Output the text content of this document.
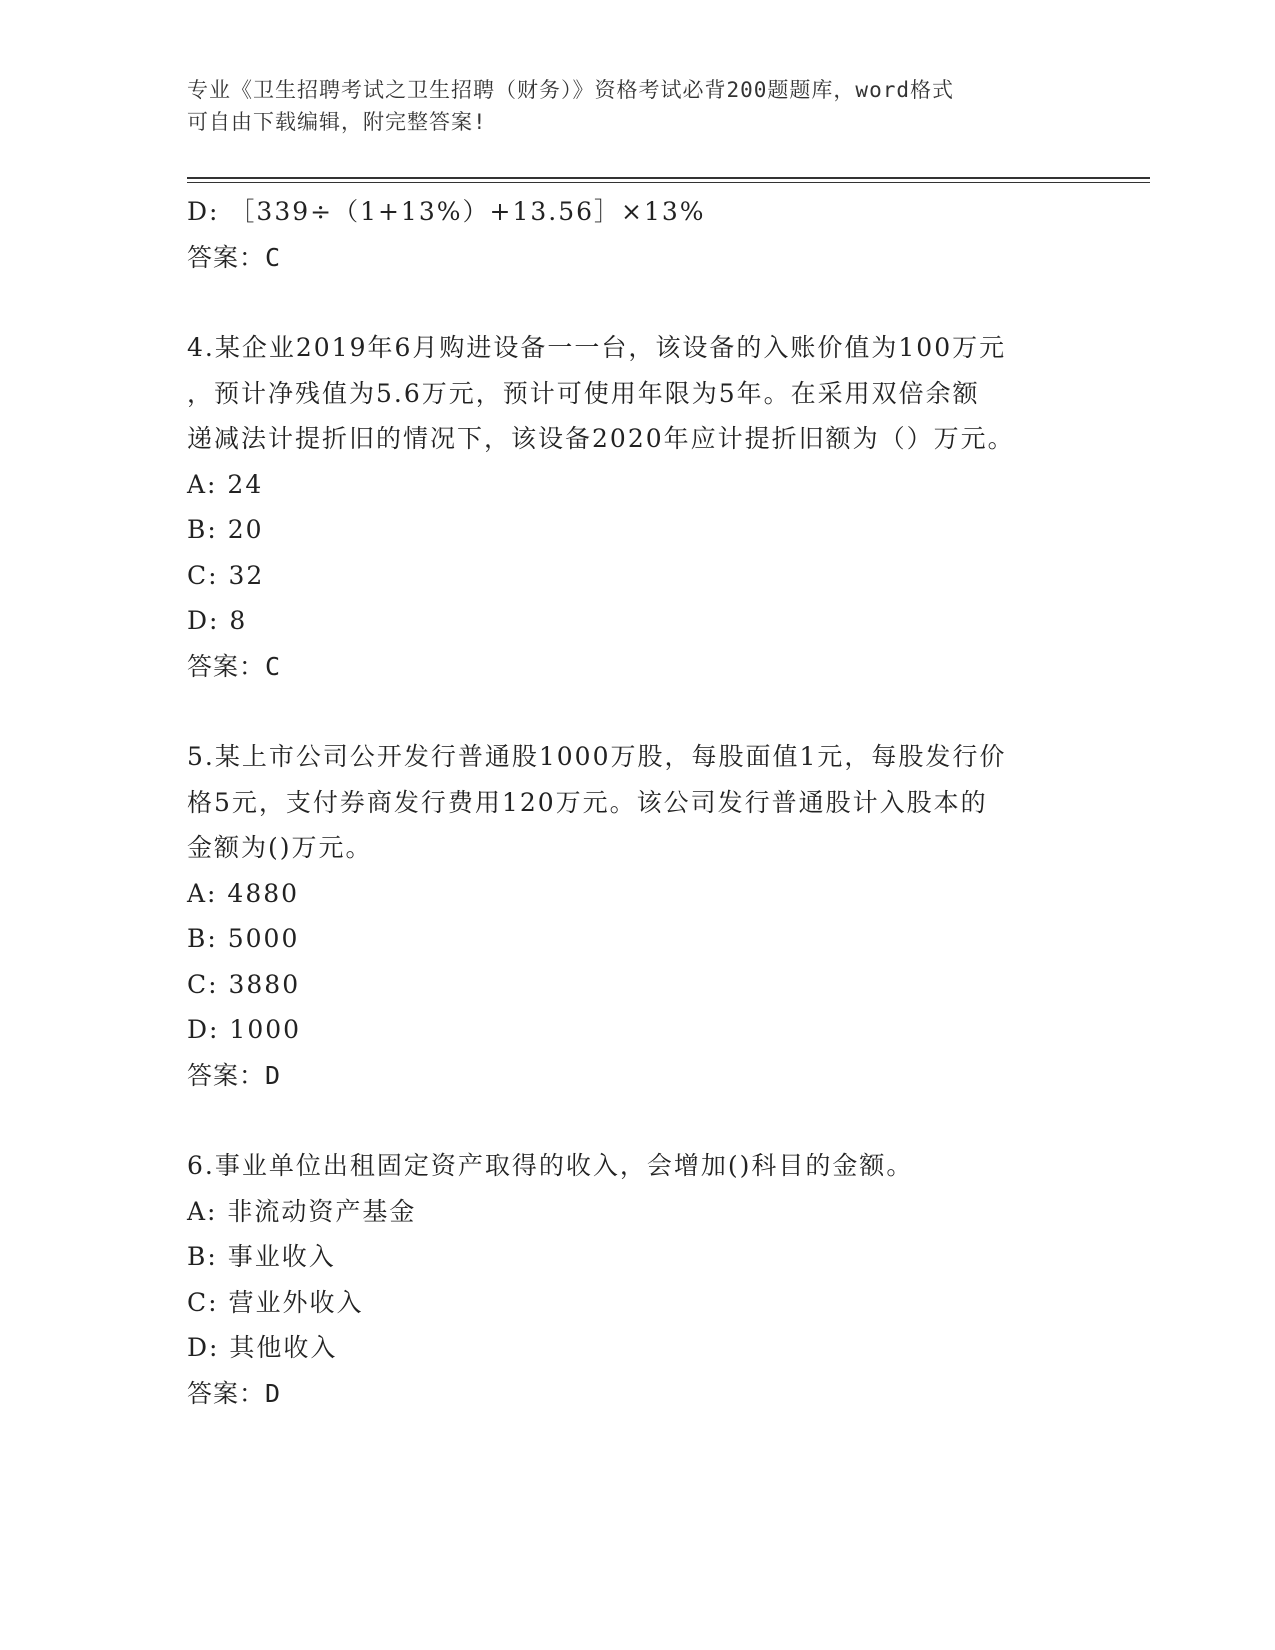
专业《卫生招聘考试之卫生招聘（财务）》资格考试必背200题题库，word格式
可自由下载编辑，附完整答案!
D: ［339÷（1+13%）+13.56］×13%
答案：C
4.某企业2019年6月购进设备一一台，该设备的入账价值为100万元
，预计净残值为5.6万元，预计可使用年限为5年。在采用双倍余额
递减法计提折旧的情况下，该设备2020年应计提折旧额为（）万元。
A: 24
B: 20
C: 32
D: 8
答案：C
5.某上市公司公开发行普通股1000万股，每股面值1元，每股发行价
格5元，支付券商发行费用120万元。该公司发行普通股计入股本的
金额为()万元。
A: 4880
B: 5000
C: 3880
D: 1000
答案：D
6.事业单位出租固定资产取得的收入，会增加()科目的金额。
A: 非流动资产基金
B: 事业收入
C: 营业外收入
D: 其他收入
答案：D
